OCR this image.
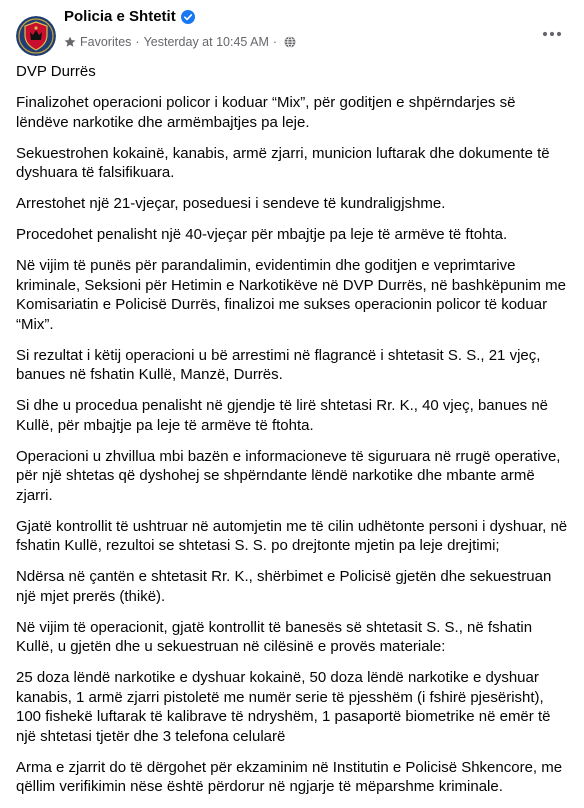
Policia e Shtetit
Favorites · Yesterday at 10:45 AM ·

DVP Durrës

Finalizohet operacioni policor i koduar “Mix”, për goditjen e shpërndarjes së lëndëve narkotike dhe armëmbajtjes pa leje.

Sekuestrohen kokainë, kanabis, armë zjarri, municion luftarak dhe dokumente të dyshuara të falsifikuara.

Arrestohet një 21-vjeçar, poseduesi i sendeve të kundraligjshme.

Procedohet penalisht një 40-vjeçar për mbajtje pa leje të armëve të ftohta.

Në vijim të punës për parandalimin, evidentimin dhe goditjen e veprimtarive kriminale, Seksioni për Hetimin e Narkotikëve në DVP Durrës, në bashkëpunim me Komisariatin e Policisë Durrës, finalizoi me sukses operacionin policor të koduar “Mix”.

Si rezultat i këtij operacioni u bë arrestimi në flagrancë i shtetasit S. S., 21 vjeç, banues në fshatin Kullë, Manzë, Durrës.

Si dhe u procedua penalisht në gjendje të lirë shtetasi Rr. K., 40 vjeç, banues në Kullë, për mbajtje pa leje të armëve të ftohta.

Operacioni u zhvillua mbi bazën e informacioneve të siguruara në rrugë operative, për një shtetas që dyshohej se shpërndante lëndë narkotike dhe mbante armë zjarri.

Gjatë kontrollit të ushtruar në automjetin me të cilin udhëtonte personi i dyshuar, në fshatin Kullë, rezultoi se shtetasi S. S. po drejtonte mjetin pa leje drejtimi;

Ndërsa në çantën e shtetasit Rr. K., shërbimet e Policisë gjetën dhe sekuestruan një mjet prerës (thikë).

Në vijim të operacionit, gjatë kontrollit të banesës së shtetasit S. S., në fshatin Kullë, u gjetën dhe u sekuestruan në cilësinë e provës materiale:

25 doza lëndë narkotike e dyshuar kokainë, 50 doza lëndë narkotike e dyshuar kanabis, 1 armë zjarri pistoletë me numër serie të pjesshëm (i fshirë pjesërisht), 100 fishekë luftarak të kalibrave të ndryshëm, 1 pasaportë biometrike në emër të një shtetasi tjetër dhe 3 telefona celularë

Arma e zjarrit do të dërgohet për ekzaminim në Institutin e Policisë Shkencore, me qëllim verifikimin nëse është përdorur në ngjarje të mëparshme kriminale.
